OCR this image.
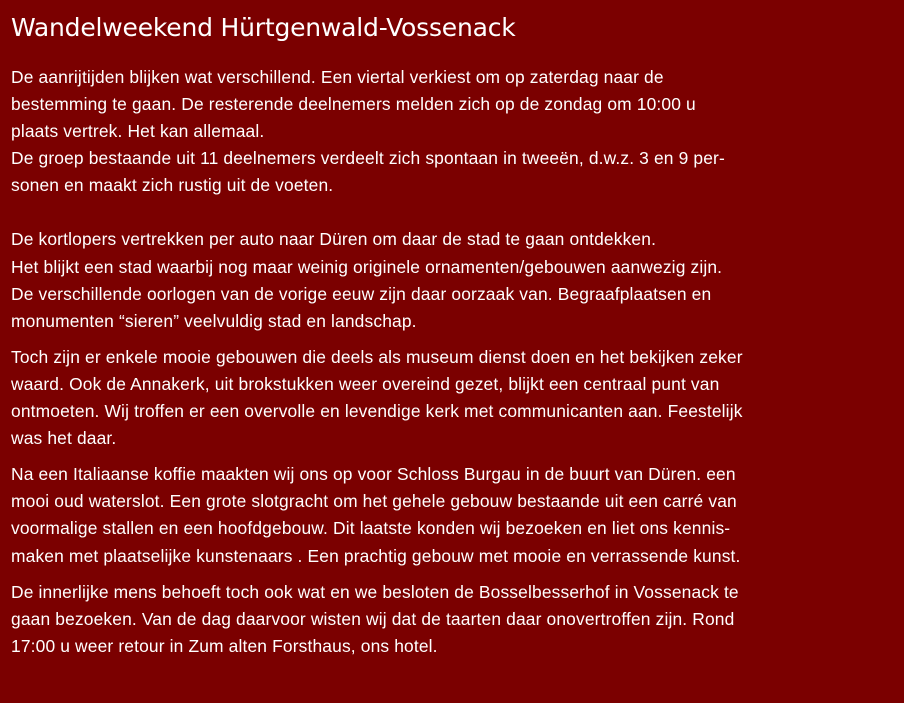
Wandelweekend Hürtgenwald-Vossenack

De aanrijtijden blijken wat verschillend. Een viertal verkiest om op zaterdag naar de
bestemming te gaan. De resterende deelnemers melden zich op de zondag om 10:00 u
plaats vertrek. Het kan allemaal.
De groep bestaande uit 11 deelnemers verdeelt zich spontaan in tweeën, d.w.z. 3 en 9 per-
sonen en maakt zich rustig uit de voeten.

De kortlopers vertrekken per auto naar Düren om daar de stad te gaan ontdekken.
Het blijkt een stad waarbij nog maar weinig originele ornamenten/gebouwen aanwezig zijn.
De verschillende oorlogen van de vorige eeuw zijn daar oorzaak van. Begraafplaatsen en
monumenten “sieren” veelvuldig stad en landschap.

Toch zijn er enkele mooie gebouwen die deels als museum dienst doen en het bekijken zeker
waard. Ook de Annakerk, uit brokstukken weer overeind gezet, blijkt een centraal punt van
ontmoeten. Wij troffen er een overvolle en levendige kerk met communicanten aan. Feestelijk
was het daar.

Na een Italiaanse koffie maakten wij ons op voor Schloss Burgau in de buurt van Düren. een
mooi oud waterslot. Een grote slotgracht om het gehele gebouw bestaande uit een carré van
voormalige stallen en een hoofdgebouw. Dit laatste konden wij bezoeken en liet ons kennis-
maken met plaatselijke kunstenaars . Een prachtig gebouw met mooie en verrassende kunst.

De innerlijke mens behoeft toch ook wat en we besloten de Bosselbesserhof in Vossenack te
gaan bezoeken. Van de dag daarvoor wisten wij dat de taarten daar onovertroffen zijn. Rond
17:00 u weer retour in Zum alten Forsthaus, ons hotel.
